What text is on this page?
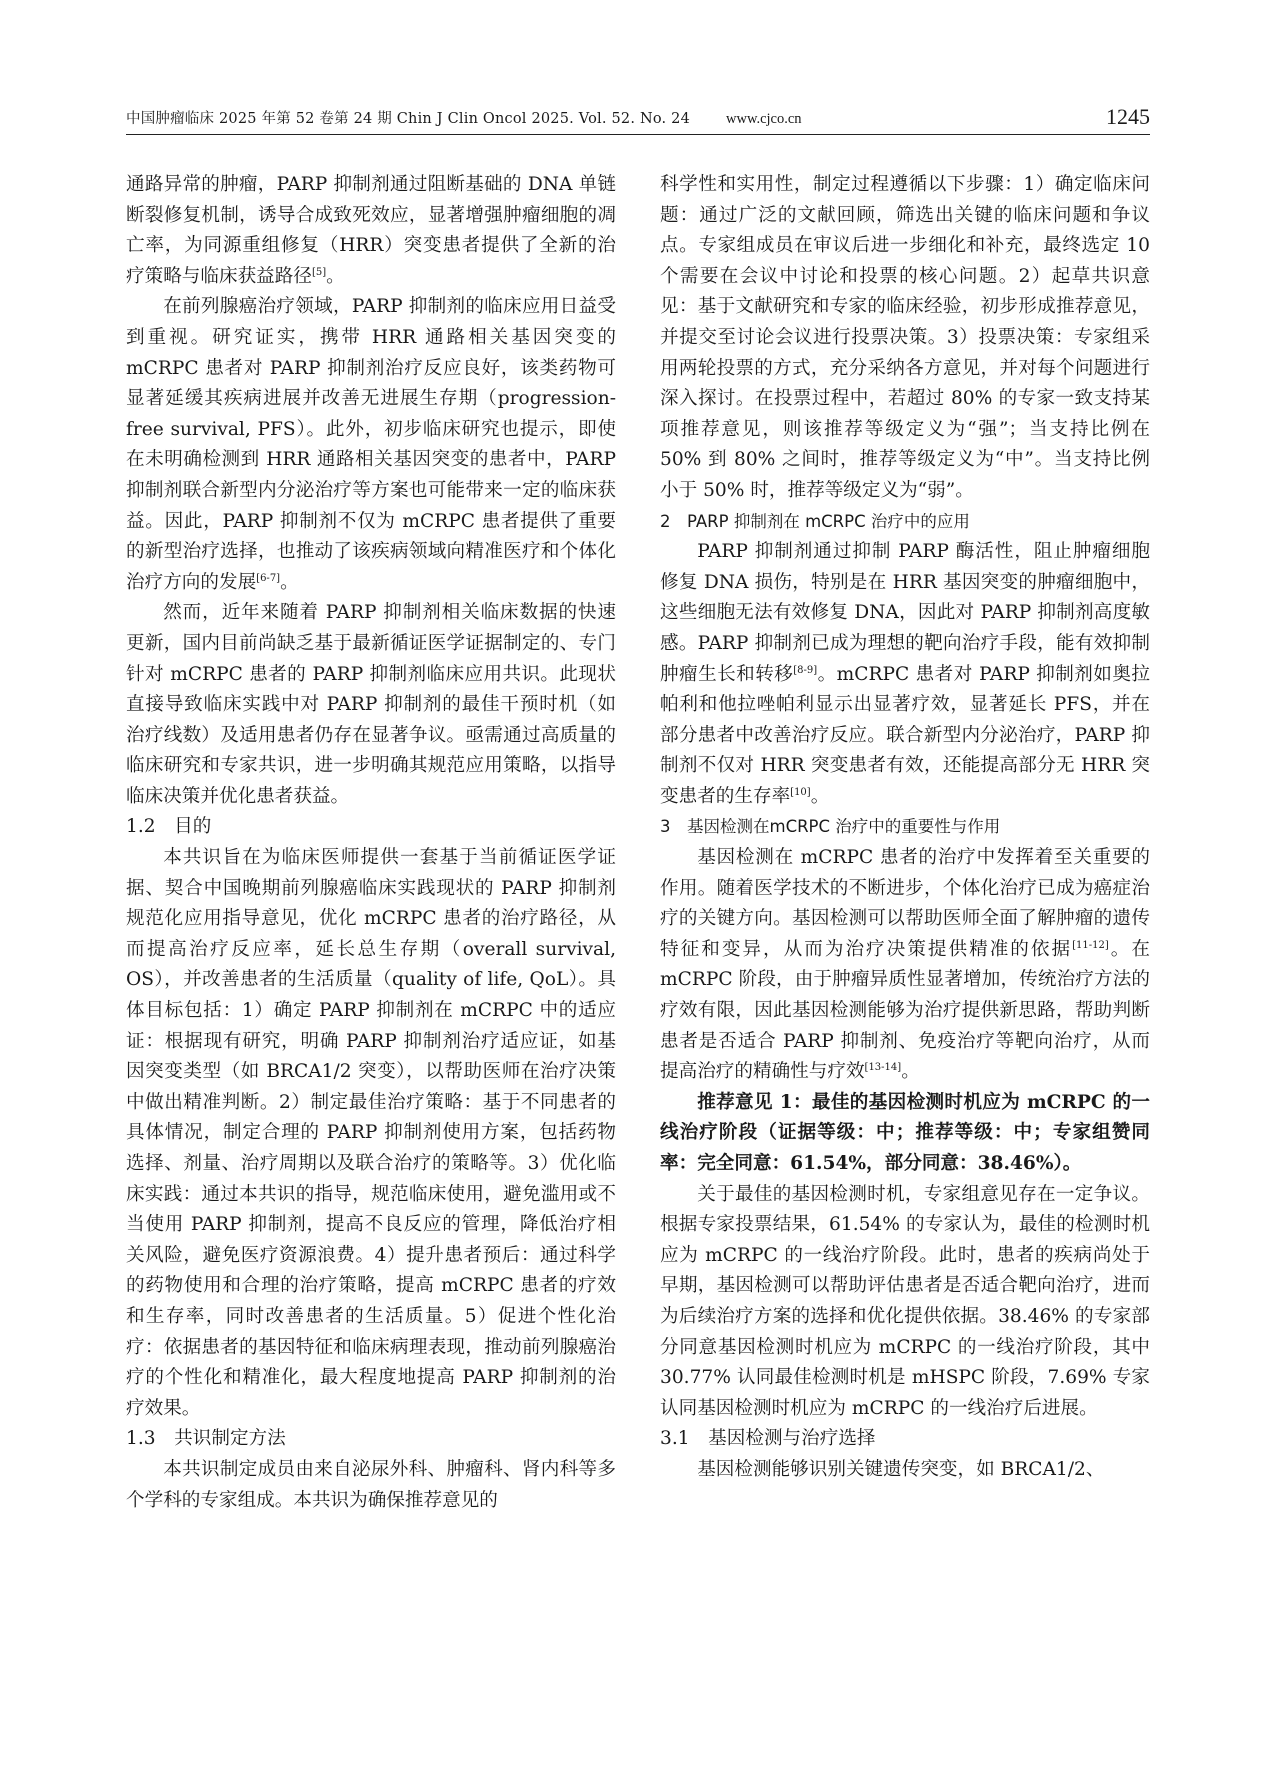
中国肿瘤临床 2025 年第 52 卷第 24 期 Chin J Clin Oncol 2025. Vol. 52. No. 24 www.cjco.cn	1245

通路异常的肿瘤，PARP 抑制剂通过阻断基础的 DNA 单链断裂修复机制，诱导合成致死效应，显著增强肿瘤细胞的凋亡率，为同源重组修复（HRR）突变患者提供了全新的治疗策略与临床获益路径[5]。

在前列腺癌治疗领域，PARP 抑制剂的临床应用日益受到重视。研究证实，携带 HRR 通路相关基因突变的 mCRPC 患者对 PARP 抑制剂治疗反应良好，该类药物可显著延缓其疾病进展并改善无进展生存期（progression-free survival, PFS）。此外，初步临床研究也提示，即使在未明确检测到 HRR 通路相关基因突变的患者中，PARP 抑制剂联合新型内分泌治疗等方案也可能带来一定的临床获益。因此，PARP 抑制剂不仅为 mCRPC 患者提供了重要的新型治疗选择，也推动了该疾病领域向精准医疗和个体化治疗方向的发展[6-7]。

然而，近年来随着 PARP 抑制剂相关临床数据的快速更新，国内目前尚缺乏基于最新循证医学证据制定的、专门针对 mCRPC 患者的 PARP 抑制剂临床应用共识。此现状直接导致临床实践中对 PARP 抑制剂的最佳干预时机（如治疗线数）及适用患者仍存在显著争议。亟需通过高质量的临床研究和专家共识，进一步明确其规范应用策略，以指导临床决策并优化患者获益。

1.2　目的

本共识旨在为临床医师提供一套基于当前循证医学证据、契合中国晚期前列腺癌临床实践现状的 PARP 抑制剂规范化应用指导意见，优化 mCRPC 患者的治疗路径，从而提高治疗反应率，延长总生存期（overall survival, OS），并改善患者的生活质量（quality of life, QoL）。具体目标包括：1）确定 PARP 抑制剂在 mCRPC 中的适应证：根据现有研究，明确 PARP 抑制剂治疗适应证，如基因突变类型（如 BRCA1/2 突变），以帮助医师在治疗决策中做出精准判断。2）制定最佳治疗策略：基于不同患者的具体情况，制定合理的 PARP 抑制剂使用方案，包括药物选择、剂量、治疗周期以及联合治疗的策略等。3）优化临床实践：通过本共识的指导，规范临床使用，避免滥用或不当使用 PARP 抑制剂，提高不良反应的管理，降低治疗相关风险，避免医疗资源浪费。4）提升患者预后：通过科学的药物使用和合理的治疗策略，提高 mCRPC 患者的疗效和生存率，同时改善患者的生活质量。5）促进个性化治疗：依据患者的基因特征和临床病理表现，推动前列腺癌治疗的个性化和精准化，最大程度地提高 PARP 抑制剂的治疗效果。

1.3　共识制定方法

本共识制定成员由来自泌尿外科、肿瘤科、肾内科等多个学科的专家组成。本共识为确保推荐意见的

科学性和实用性，制定过程遵循以下步骤：1）确定临床问题：通过广泛的文献回顾，筛选出关键的临床问题和争议点。专家组成员在审议后进一步细化和补充，最终选定 10 个需要在会议中讨论和投票的核心问题。2）起草共识意见：基于文献研究和专家的临床经验，初步形成推荐意见，并提交至讨论会议进行投票决策。3）投票决策：专家组采用两轮投票的方式，充分采纳各方意见，并对每个问题进行深入探讨。在投票过程中，若超过 80% 的专家一致支持某项推荐意见，则该推荐等级定义为“强”；当支持比例在 50% 到 80% 之间时，推荐等级定义为“中”。当支持比例小于 50% 时，推荐等级定义为“弱”。

2　PARP 抑制剂在 mCRPC 治疗中的应用

PARP 抑制剂通过抑制 PARP 酶活性，阻止肿瘤细胞修复 DNA 损伤，特别是在 HRR 基因突变的肿瘤细胞中，这些细胞无法有效修复 DNA，因此对 PARP 抑制剂高度敏感。PARP 抑制剂已成为理想的靶向治疗手段，能有效抑制肿瘤生长和转移[8-9]。mCRPC 患者对 PARP 抑制剂如奥拉帕利和他拉唑帕利显示出显著疗效，显著延长 PFS，并在部分患者中改善治疗反应。联合新型内分泌治疗，PARP 抑制剂不仅对 HRR 突变患者有效，还能提高部分无 HRR 突变患者的生存率[10]。

3　基因检测在mCRPC 治疗中的重要性与作用

基因检测在 mCRPC 患者的治疗中发挥着至关重要的作用。随着医学技术的不断进步，个体化治疗已成为癌症治疗的关键方向。基因检测可以帮助医师全面了解肿瘤的遗传特征和变异，从而为治疗决策提供精准的依据[11-12]。在 mCRPC 阶段，由于肿瘤异质性显著增加，传统治疗方法的疗效有限，因此基因检测能够为治疗提供新思路，帮助判断患者是否适合 PARP 抑制剂、免疫治疗等靶向治疗，从而提高治疗的精确性与疗效[13-14]。

推荐意见 1：最佳的基因检测时机应为 mCRPC 的一线治疗阶段（证据等级：中；推荐等级：中；专家组赞同率：完全同意：61.54%，部分同意：38.46%）。

关于最佳的基因检测时机，专家组意见存在一定争议。根据专家投票结果，61.54% 的专家认为，最佳的检测时机应为 mCRPC 的一线治疗阶段。此时，患者的疾病尚处于早期，基因检测可以帮助评估患者是否适合靶向治疗，进而为后续治疗方案的选择和优化提供依据。38.46% 的专家部分同意基因检测时机应为 mCRPC 的一线治疗阶段，其中 30.77% 认同最佳检测时机是 mHSPC 阶段，7.69% 专家认同基因检测时机应为 mCRPC 的一线治疗后进展。

3.1　基因检测与治疗选择

基因检测能够识别关键遗传突变，如 BRCA1/2、
